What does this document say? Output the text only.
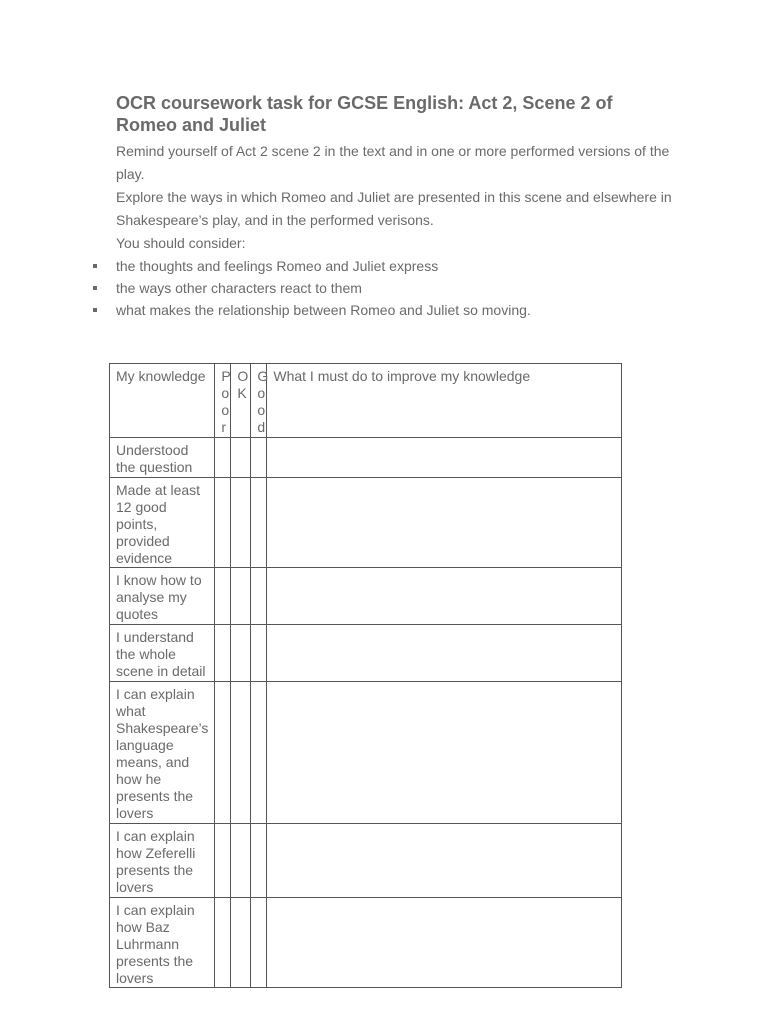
OCR coursework task for GCSE English: Act 2, Scene 2 of Romeo and Juliet
Remind yourself of Act 2 scene 2 in the text and in one or more performed versions of the play.
Explore the ways in which Romeo and Juliet are presented in this scene and elsewhere in Shakespeare’s play, and in the performed verisons.
You should consider:
the thoughts and feelings Romeo and Juliet express
the ways other characters react to them
what makes the relationship between Romeo and Juliet so moving.
My knowledge	Poor	OK	Good	What I must do to improve my knowledge
Understood the question				
Made at least 12 good points, provided evidence				
I know how to analyse my quotes				
I understand the whole scene in detail				
I can explain what Shakespeare’s language means, and how he presents the lovers				
I can explain how Zeferelli presents the lovers				
I can explain how Baz Luhrmann presents the lovers				
